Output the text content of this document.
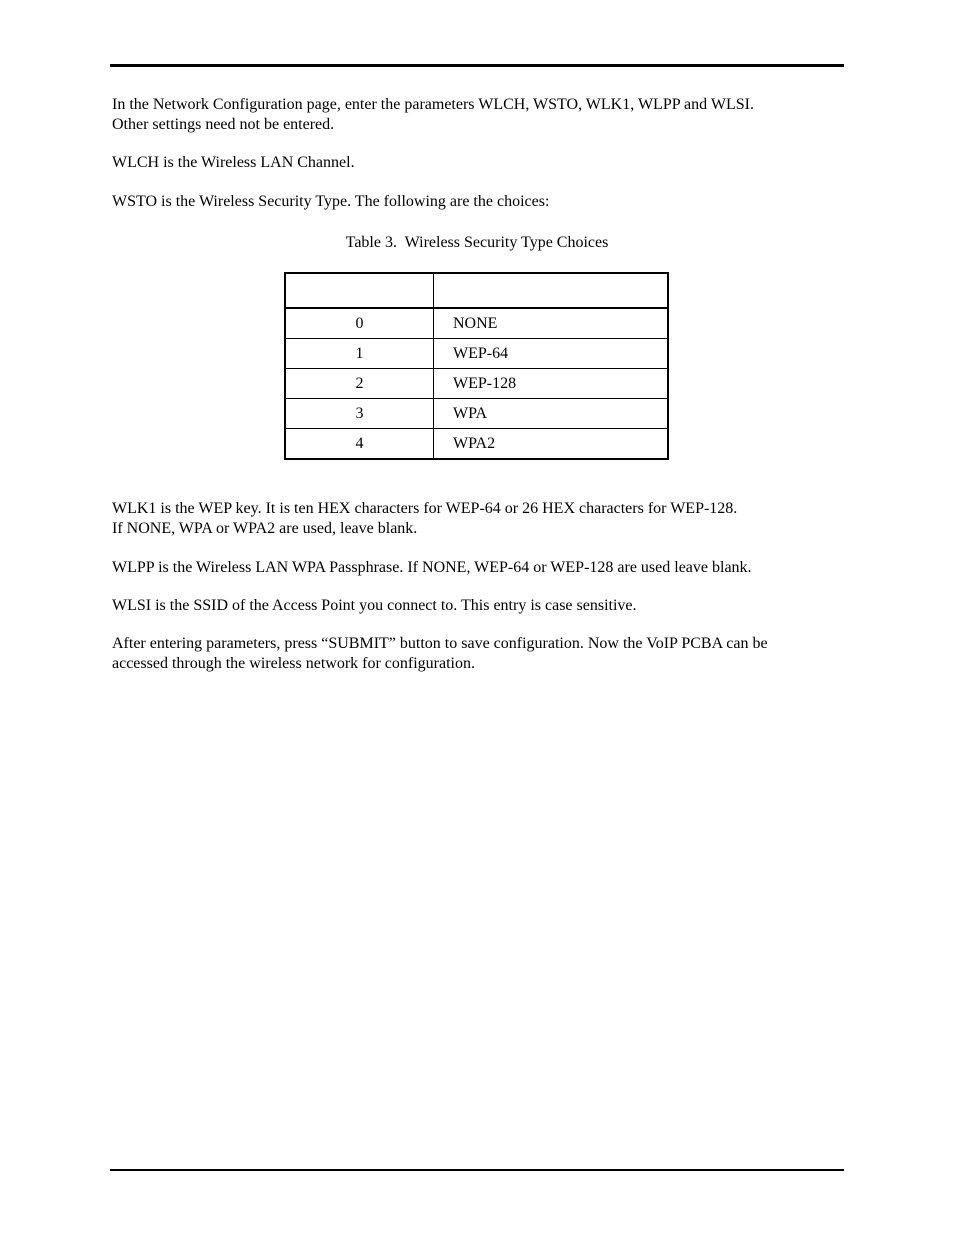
In the Network Configuration page, enter the parameters WLCH, WSTO, WLK1, WLPP and WLSI.
Other settings need not be entered.

WLCH is the Wireless LAN Channel.

WSTO is the Wireless Security Type. The following are the choices:

Table 3.  Wireless Security Type Choices

0	NONE
1	WEP-64
2	WEP-128
3	WPA
4	WPA2

WLK1 is the WEP key. It is ten HEX characters for WEP-64 or 26 HEX characters for WEP-128.
If NONE, WPA or WPA2 are used, leave blank.

WLPP is the Wireless LAN WPA Passphrase. If NONE, WEP-64 or WEP-128 are used leave blank.

WLSI is the SSID of the Access Point you connect to. This entry is case sensitive.

After entering parameters, press “SUBMIT” button to save configuration. Now the VoIP PCBA can be
accessed through the wireless network for configuration.
